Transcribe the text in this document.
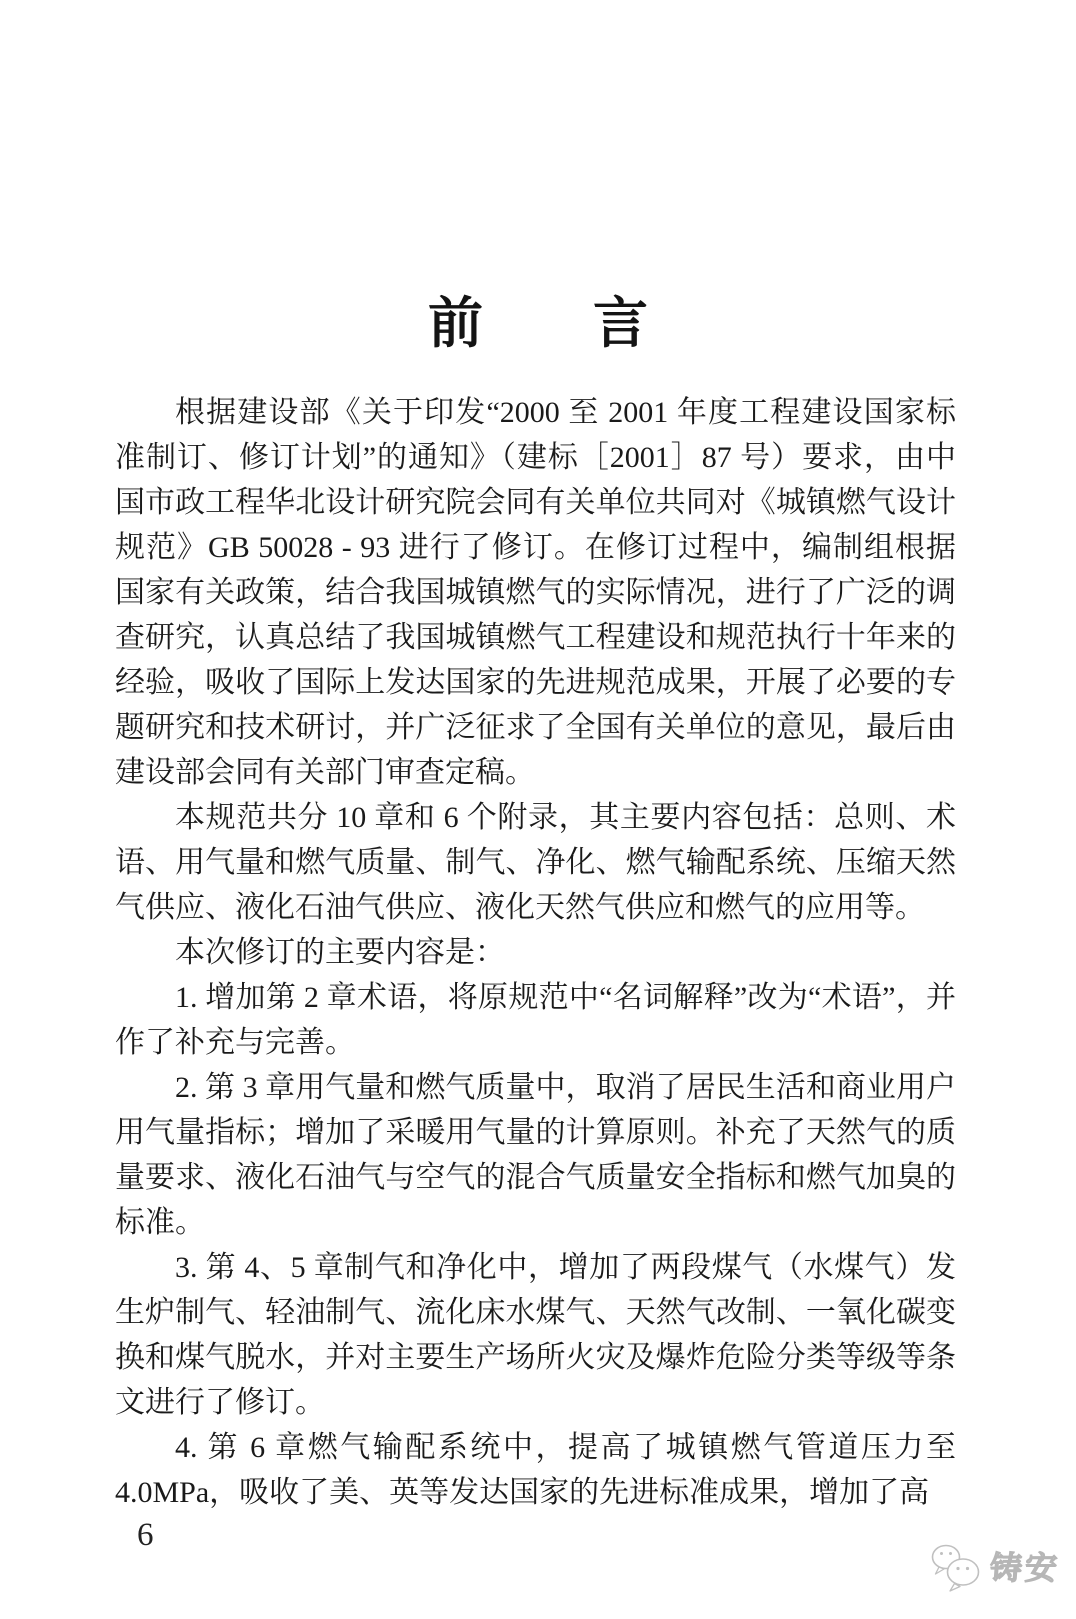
前　　言

根据建设部《关于印发“2000 至 2001 年度工程建设国家标准制订、修订计划”的通知》（建标［2001］87 号）要求，由中国市政工程华北设计研究院会同有关单位共同对《城镇燃气设计规范》GB 50028 - 93 进行了修订。在修订过程中，编制组根据国家有关政策，结合我国城镇燃气的实际情况，进行了广泛的调查研究，认真总结了我国城镇燃气工程建设和规范执行十年来的经验，吸收了国际上发达国家的先进规范成果，开展了必要的专题研究和技术研讨，并广泛征求了全国有关单位的意见，最后由建设部会同有关部门审查定稿。

本规范共分 10 章和 6 个附录，其主要内容包括：总则、术语、用气量和燃气质量、制气、净化、燃气输配系统、压缩天然气供应、液化石油气供应、液化天然气供应和燃气的应用等。

本次修订的主要内容是：

1. 增加第 2 章术语，将原规范中“名词解释”改为“术语”，并作了补充与完善。

2. 第 3 章用气量和燃气质量中，取消了居民生活和商业用户用气量指标；增加了采暖用气量的计算原则。补充了天然气的质量要求、液化石油气与空气的混合气质量安全指标和燃气加臭的标准。

3. 第 4、5 章制气和净化中，增加了两段煤气（水煤气）发生炉制气、轻油制气、流化床水煤气、天然气改制、一氧化碳变换和煤气脱水，并对主要生产场所火灾及爆炸危险分类等级等条文进行了修订。

4. 第 6 章燃气输配系统中，提高了城镇燃气管道压力至 4.0MPa，吸收了美、英等发达国家的先进标准成果，增加了高

6
铸安
